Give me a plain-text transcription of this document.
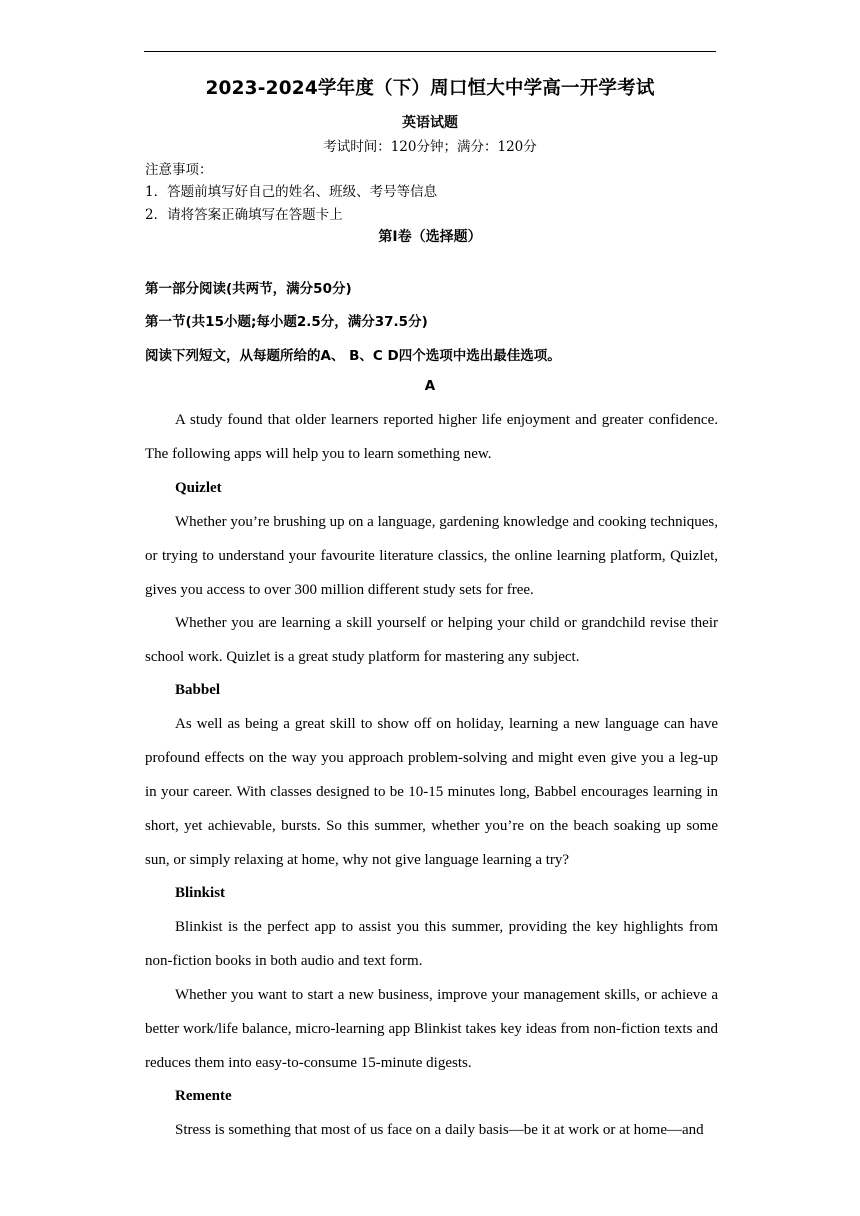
2023-2024学年度（下）周口恒大中学高一开学考试
英语试题
考试时间：120分钟；满分：120分
注意事项：
1．答题前填写好自己的姓名、班级、考号等信息
2．请将答案正确填写在答题卡上
第Ⅰ卷（选择题）
第一部分阅读(共两节，满分50分)
第一节(共15小题;每小题2.5分，满分37.5分)
阅读下列短文，从每题所给的A、 B、C D四个选项中选出最佳选项。
A

A study found that older learners reported higher life enjoyment and greater confidence. The following apps will help you to learn something new.

Quizlet

Whether you’re brushing up on a language, gardening knowledge and cooking techniques, or trying to understand your favourite literature classics, the online learning platform, Quizlet, gives you access to over 300 million different study sets for free.

Whether you are learning a skill yourself or helping your child or grandchild revise their school work. Quizlet is a great study platform for mastering any subject.

Babbel

As well as being a great skill to show off on holiday, learning a new language can have profound effects on the way you approach problem-solving and might even give you a leg-up in your career. With classes designed to be 10-15 minutes long, Babbel encourages learning in short, yet achievable, bursts. So this summer, whether you’re on the beach soaking up some sun, or simply relaxing at home, why not give language learning a try?

Blinkist

Blinkist is the perfect app to assist you this summer, providing the key highlights from non-fiction books in both audio and text form.

Whether you want to start a new business, improve your management skills, or achieve a better work/life balance, micro-learning app Blinkist takes key ideas from non-fiction texts and reduces them into easy-to-consume 15-minute digests.

Remente

Stress is something that most of us face on a daily basis—be it at work or at home—and
